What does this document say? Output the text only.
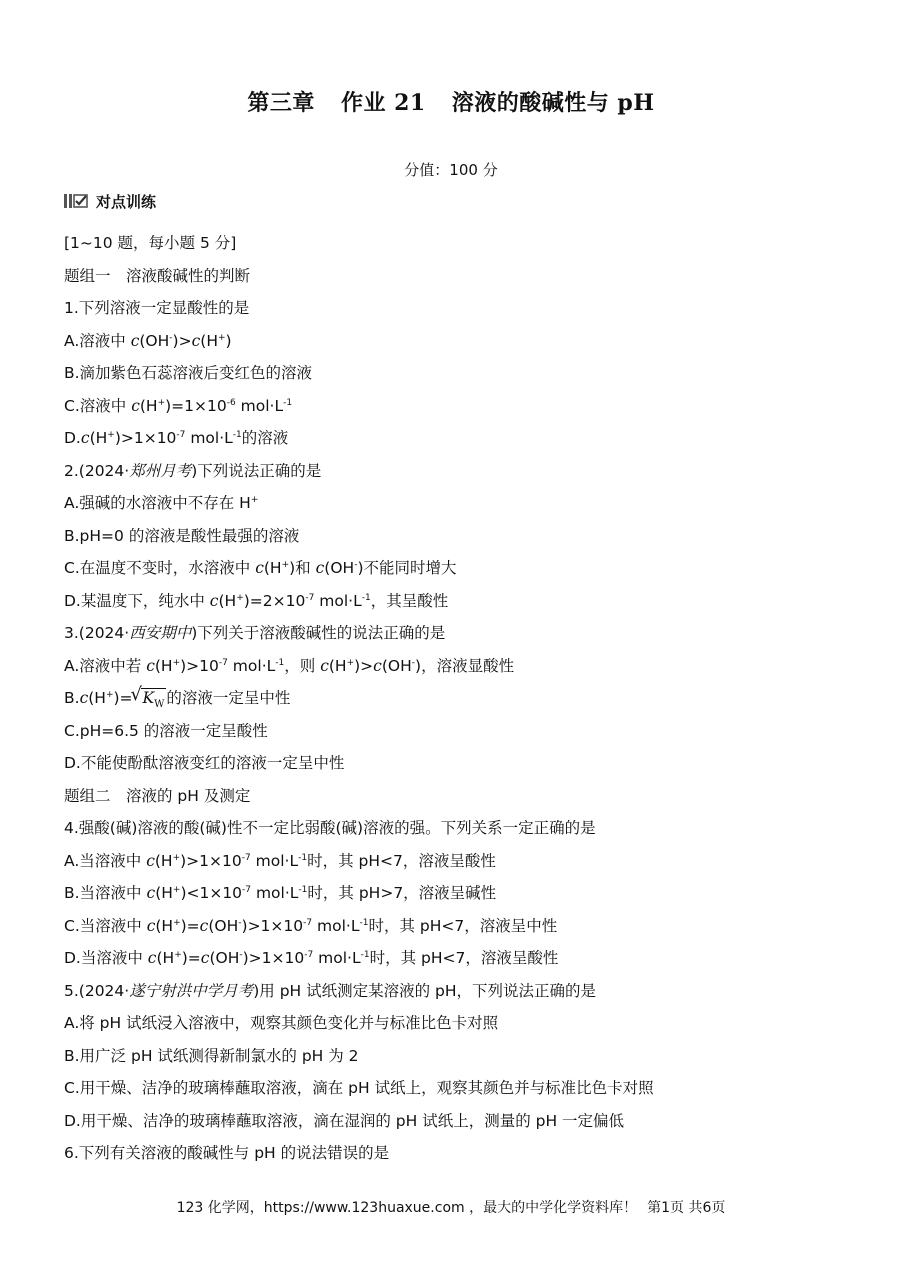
第三章 作业 21 溶液的酸碱性与 pH
分值：100 分
对点训练
[1~10 题，每小题 5 分]
题组一　溶液酸碱性的判断
1.下列溶液一定显酸性的是
A.溶液中 c(OH-)>c(H+)
B.滴加紫色石蕊溶液后变红色的溶液
C.溶液中 $c(H^+)=1\times 10^{-6}$ $mol\cdot L^{-1}$
$D.c(H^+)>1\times 10^{-7}$ $mol\cdot L^{-1}$的溶液
2.(2024·郑州月考)下列说法正确的是
A.强碱的水溶液中不存在 H+
B.pH=0 的溶液是酸性最强的溶液
C.在温度不变时，水溶液中 c(H+)和 c(OH-)不能同时增大
D.某温度下，纯水中 $c(H^+)=2\times 10^{-7}$ $mol\cdot L^{-1}$，其呈酸性
3.(2024·西安期中)下列关于溶液酸碱性的说法正确的是
A.溶液中若 $c(H^+)>10^{-7}$ $mol\cdot L^{-1}$，则 c(H+)>c(OH-)，溶液显酸性
B.c(H+)=
√ $K_W$ 的溶液一定呈中性
C.pH=6.5 的溶液一定呈酸性
D.不能使酚酞溶液变红的溶液一定呈中性
题组二　溶液的 pH 及测定
4.强酸(碱)溶液的酸(碱)性不一定比弱酸(碱)溶液的强。下列关系一定正确的是
A.当溶液中 $c(H^+)>1\times 10^{-7}$ $mol\cdot L^{-1}$时，其 pH<7，溶液呈酸性
B.当溶液中 $c(H^+)<1\times 10^{-7}$ $mol\cdot L^{-1}$时，其 pH>7，溶液呈碱性
C.当溶液中 $c(H^+)=c(OH^-)>1\times 10^{-7}$ $mol\cdot L^{-1}$时，其 pH<7，溶液呈中性
D.当溶液中 $c(H^+)=c(OH^-)>1\times 10^{-7}$ $mol\cdot L^{-1}$时，其 pH<7，溶液呈酸性
5.(2024·遂宁射洪中学月考)用 pH 试纸测定某溶液的 pH，下列说法正确的是
A.将 pH 试纸浸入溶液中，观察其颜色变化并与标准比色卡对照
B.用广泛 pH 试纸测得新制氯水的 pH 为 2
C.用干燥、洁净的玻璃棒蘸取溶液，滴在 pH 试纸上，观察其颜色并与标准比色卡对照
D.用干燥、洁净的玻璃棒蘸取溶液，滴在湿润的 pH 试纸上，测量的 pH 一定偏低
6.下列有关溶液的酸碱性与 pH 的说法错误的是
123 化学网，https://www.123huaxue.com ，最大的中学化学资料库！ 第1页 共6页
